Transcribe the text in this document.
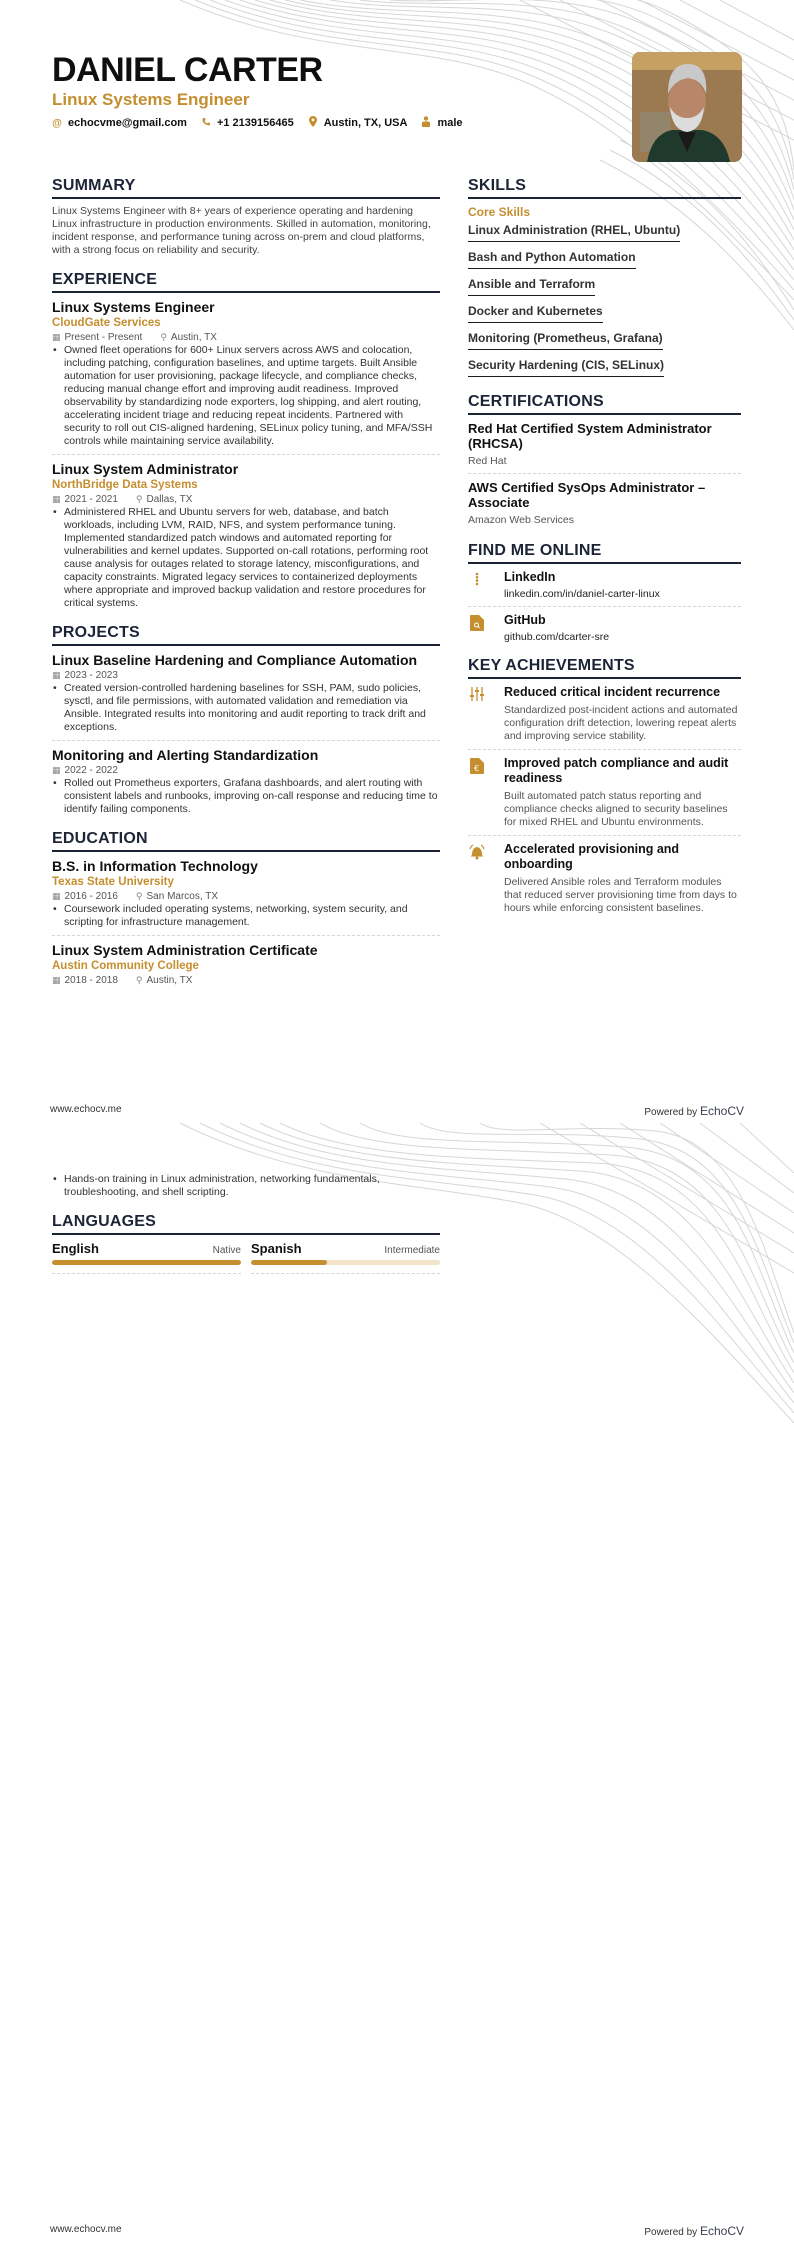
DANIEL CARTER
Linux Systems Engineer
@ echocvme@gmail.com	+1 2139156465	Austin, TX, USA	male
SUMMARY
Linux Systems Engineer with 8+ years of experience operating and hardening Linux infrastructure in production environments. Skilled in automation, monitoring, incident response, and performance tuning across on-prem and cloud platforms, with a strong focus on reliability and security.
EXPERIENCE
Linux Systems Engineer
CloudGate Services
▦ Present - Present ⚲ Austin, TX
• Owned fleet operations for 600+ Linux servers across AWS and colocation, including patching, configuration baselines, and uptime targets. Built Ansible automation for user provisioning, package lifecycle, and compliance checks, reducing manual change effort and improving audit readiness. Improved observability by standardizing node exporters, log shipping, and alert routing, accelerating incident triage and reducing repeat incidents. Partnered with security to roll out CIS-aligned hardening, SELinux policy tuning, and MFA/SSH controls while maintaining service availability.
Linux System Administrator
NorthBridge Data Systems
▦ 2021 - 2021 ⚲ Dallas, TX
• Administered RHEL and Ubuntu servers for web, database, and batch workloads, including LVM, RAID, NFS, and system performance tuning. Implemented standardized patch windows and automated reporting for vulnerabilities and kernel updates. Supported on-call rotations, performing root cause analysis for outages related to storage latency, misconfigurations, and capacity constraints. Migrated legacy services to containerized deployments where appropriate and improved backup validation and restore procedures for critical systems.
PROJECTS
Linux Baseline Hardening and Compliance Automation
▦ 2023 - 2023
• Created version-controlled hardening baselines for SSH, PAM, sudo policies, sysctl, and file permissions, with automated validation and remediation via Ansible. Integrated results into monitoring and audit reporting to track drift and exceptions.
Monitoring and Alerting Standardization
▦ 2022 - 2022
• Rolled out Prometheus exporters, Grafana dashboards, and alert routing with consistent labels and runbooks, improving on-call response and reducing time to identify failing components.
EDUCATION
B.S. in Information Technology
Texas State University
▦ 2016 - 2016 ⚲ San Marcos, TX
• Coursework included operating systems, networking, system security, and scripting for infrastructure management.
Linux System Administration Certificate
Austin Community College
▦ 2018 - 2018 ⚲ Austin, TX
SKILLS
Core Skills
Linux Administration (RHEL, Ubuntu)
Bash and Python Automation
Ansible and Terraform
Docker and Kubernetes
Monitoring (Prometheus, Grafana)
Security Hardening (CIS, SELinux)
CERTIFICATIONS
Red Hat Certified System Administrator (RHCSA)
Red Hat
AWS Certified SysOps Administrator – Associate
Amazon Web Services
FIND ME ONLINE
LinkedIn
linkedin.com/in/daniel-carter-linux
GitHub
github.com/dcarter-sre
KEY ACHIEVEMENTS
Reduced critical incident recurrence
Standardized post-incident actions and automated configuration drift detection, lowering repeat alerts and improving service stability.
€ Improved patch compliance and audit readiness
Built automated patch status reporting and compliance checks aligned to security baselines for mixed RHEL and Ubuntu environments.
Accelerated provisioning and onboarding
Delivered Ansible roles and Terraform modules that reduced server provisioning time from days to hours while enforcing consistent baselines.
www.echocv.me	Powered by EchoCV
• Hands-on training in Linux administration, networking fundamentals, troubleshooting, and shell scripting.
LANGUAGES
English	Native Spanish	Intermediate
www.echocv.me	Powered by EchoCV
